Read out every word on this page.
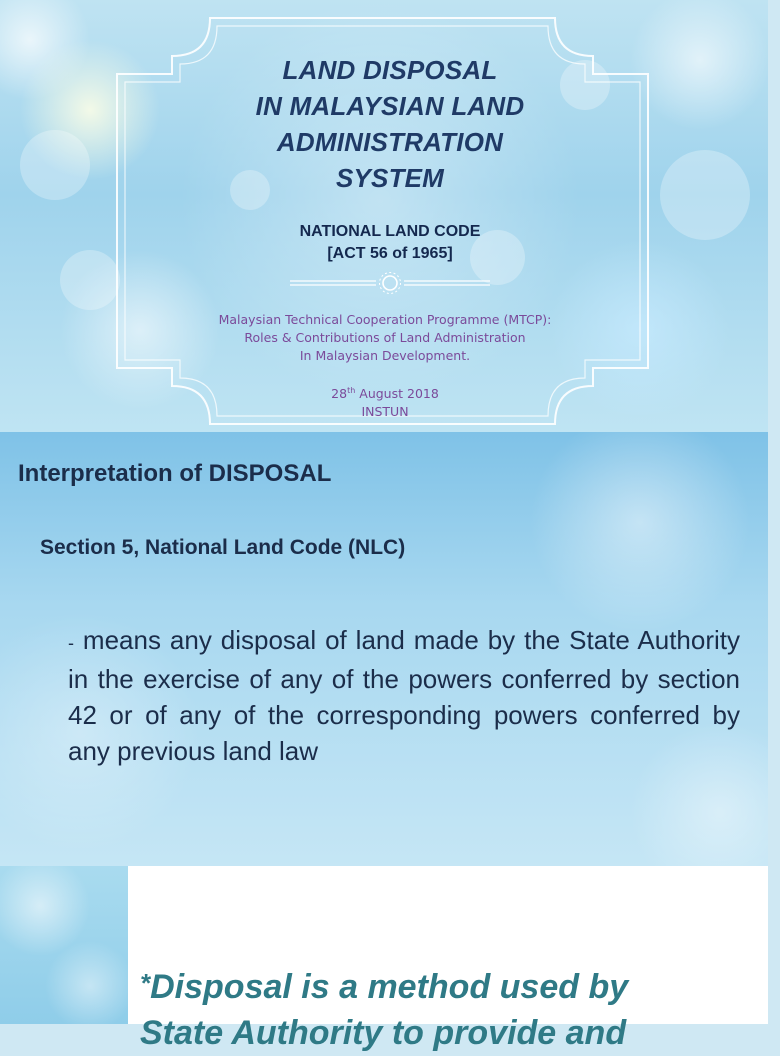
LAND DISPOSAL
IN MALAYSIAN LAND
ADMINISTRATION
SYSTEM
NATIONAL LAND CODE
[ACT 56 of 1965]
Malaysian Technical Cooperation Programme (MTCP):
Roles & Contributions of Land Administration
In Malaysian Development.
28th August 2018
INSTUN
Interpretation of DISPOSAL
Section 5, National Land Code (NLC)
- means any disposal of land made by the State Authority in the exercise of any of the powers conferred by section 42 or of any of the corresponding powers conferred by any previous land law
*Disposal is a method used by
State Authority to provide and
